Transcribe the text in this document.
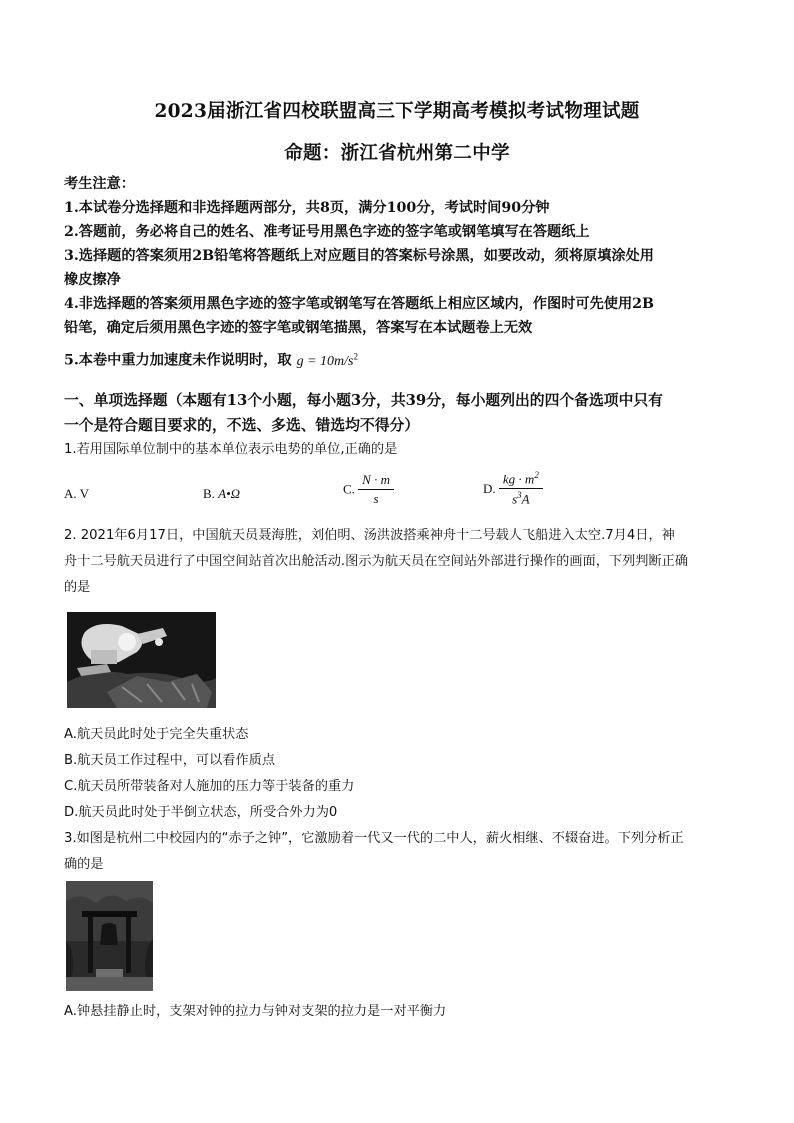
2023届浙江省四校联盟高三下学期高考模拟考试物理试题
命题：浙江省杭州第二中学
考生注意：
1.本试卷分选择题和非选择题两部分，共8页，满分100分，考试时间90分钟
2.答题前，务必将自己的姓名、准考证号用黑色字迹的签字笔或钢笔填写在答题纸上
3.选择题的答案须用2B铅笔将答题纸上对应题目的答案标号涂黑，如要改动，须将原填涂处用
橡皮擦净
4.非选择题的答案须用黑色字迹的签字笔或钢笔写在答题纸上相应区域内，作图时可先使用2B
铅笔，确定后须用黑色字迹的签字笔或钢笔描黑，答案写在本试题卷上无效
5.本卷中重力加速度未作说明时，取 $g = 10m/s^2$
一、单项选择题（本题有13个小题，每小题3分，共39分，每小题列出的四个备选项中只有
一个是符合题目要求的，不选、多选、错选均不得分）
1.若用国际单位制中的基本单位表示电势的单位,正确的是
A. V	B. A•Ω	C. $\frac{N \cdot m}{s}$	D. $\frac{kg \cdot m^2}{s^3A}$
2. 2021年6月17日，中国航天员聂海胜，刘伯明、汤洪波搭乘神舟十二号载人飞船进入太空.7月4日，神
舟十二号航天员进行了中国空间站首次出舱活动.图示为航天员在空间站外部进行操作的画面，下列判断正确
的是
A.航天员此时处于完全失重状态
B.航天员工作过程中，可以看作质点
C.航天员所带装备对人施加的压力等于装备的重力
D.航天员此时处于半倒立状态，所受合外力为0
3.如图是杭州二中校园内的“赤子之钟”，它激励着一代又一代的二中人，薪火相继、不辍奋进。下列分析正
确的是
A.钟悬挂静止时，支架对钟的拉力与钟对支架的拉力是一对平衡力
